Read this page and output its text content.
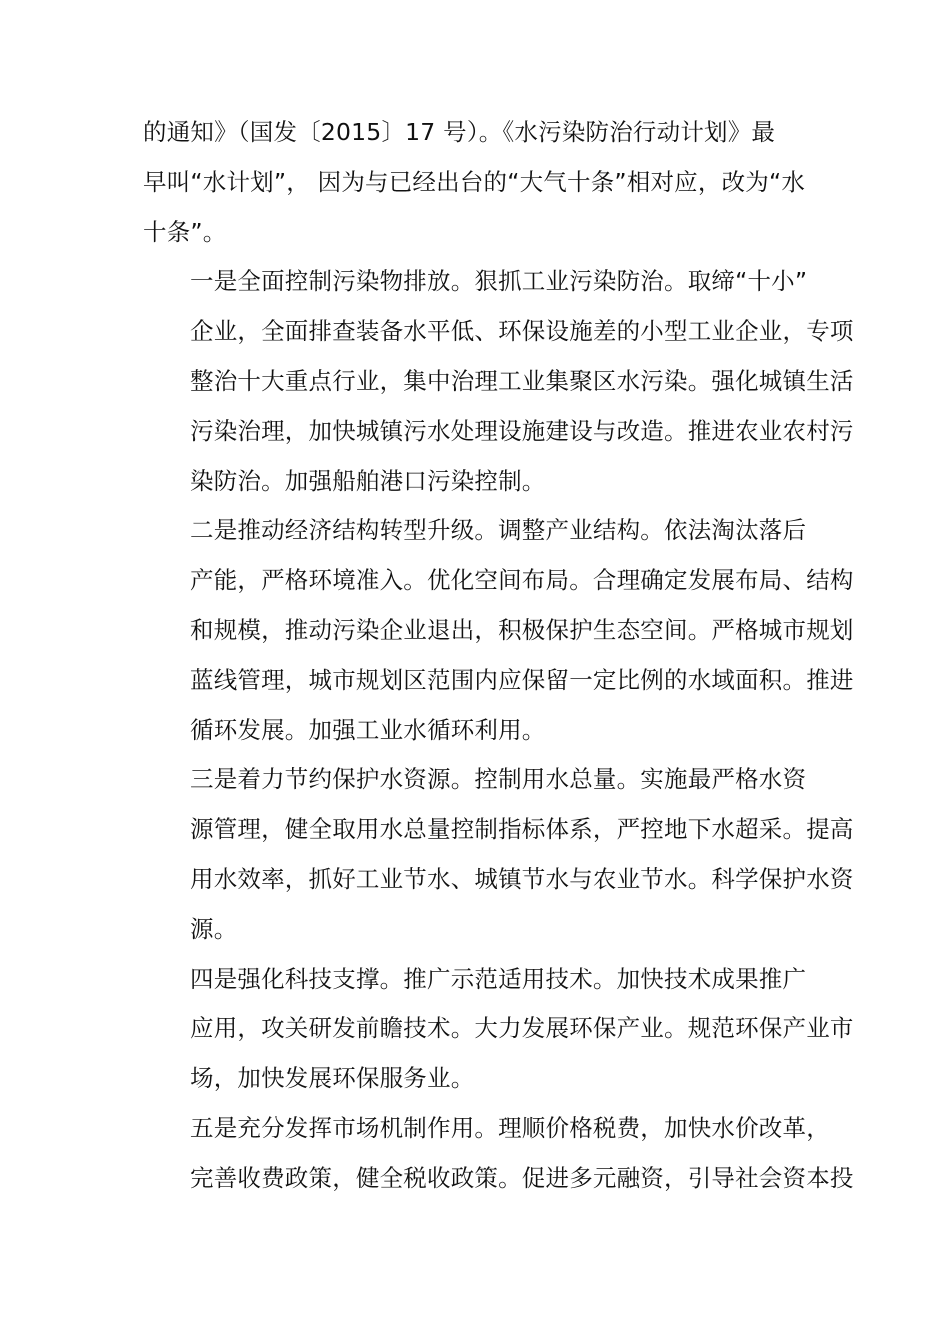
的通知》（国发〔2015〕17 号）。《水污染防治行动计划》最
早叫“水计划”， 因为与已经出台的“大气十条”相对应，改为“水
十条”。

一是全面控制污染物排放。狠抓工业污染防治。取缔“十小”
企业，全面排查装备水平低、环保设施差的小型工业企业，专项
整治十大重点行业，集中治理工业集聚区水污染。强化城镇生活
污染治理，加快城镇污水处理设施建设与改造。推进农业农村污
染防治。加强船舶港口污染控制。

二是推动经济结构转型升级。调整产业结构。依法淘汰落后
产能，严格环境准入。优化空间布局。合理确定发展布局、结构
和规模，推动污染企业退出，积极保护生态空间。严格城市规划
蓝线管理，城市规划区范围内应保留一定比例的水域面积。推进
循环发展。加强工业水循环利用。

三是着力节约保护水资源。控制用水总量。实施最严格水资
源管理，健全取用水总量控制指标体系，严控地下水超采。提高
用水效率，抓好工业节水、城镇节水与农业节水。科学保护水资
源。

四是强化科技支撑。推广示范适用技术。加快技术成果推广
应用，攻关研发前瞻技术。大力发展环保产业。规范环保产业市
场，加快发展环保服务业。

五是充分发挥市场机制作用。理顺价格税费，加快水价改革，
完善收费政策，健全税收政策。促进多元融资，引导社会资本投
